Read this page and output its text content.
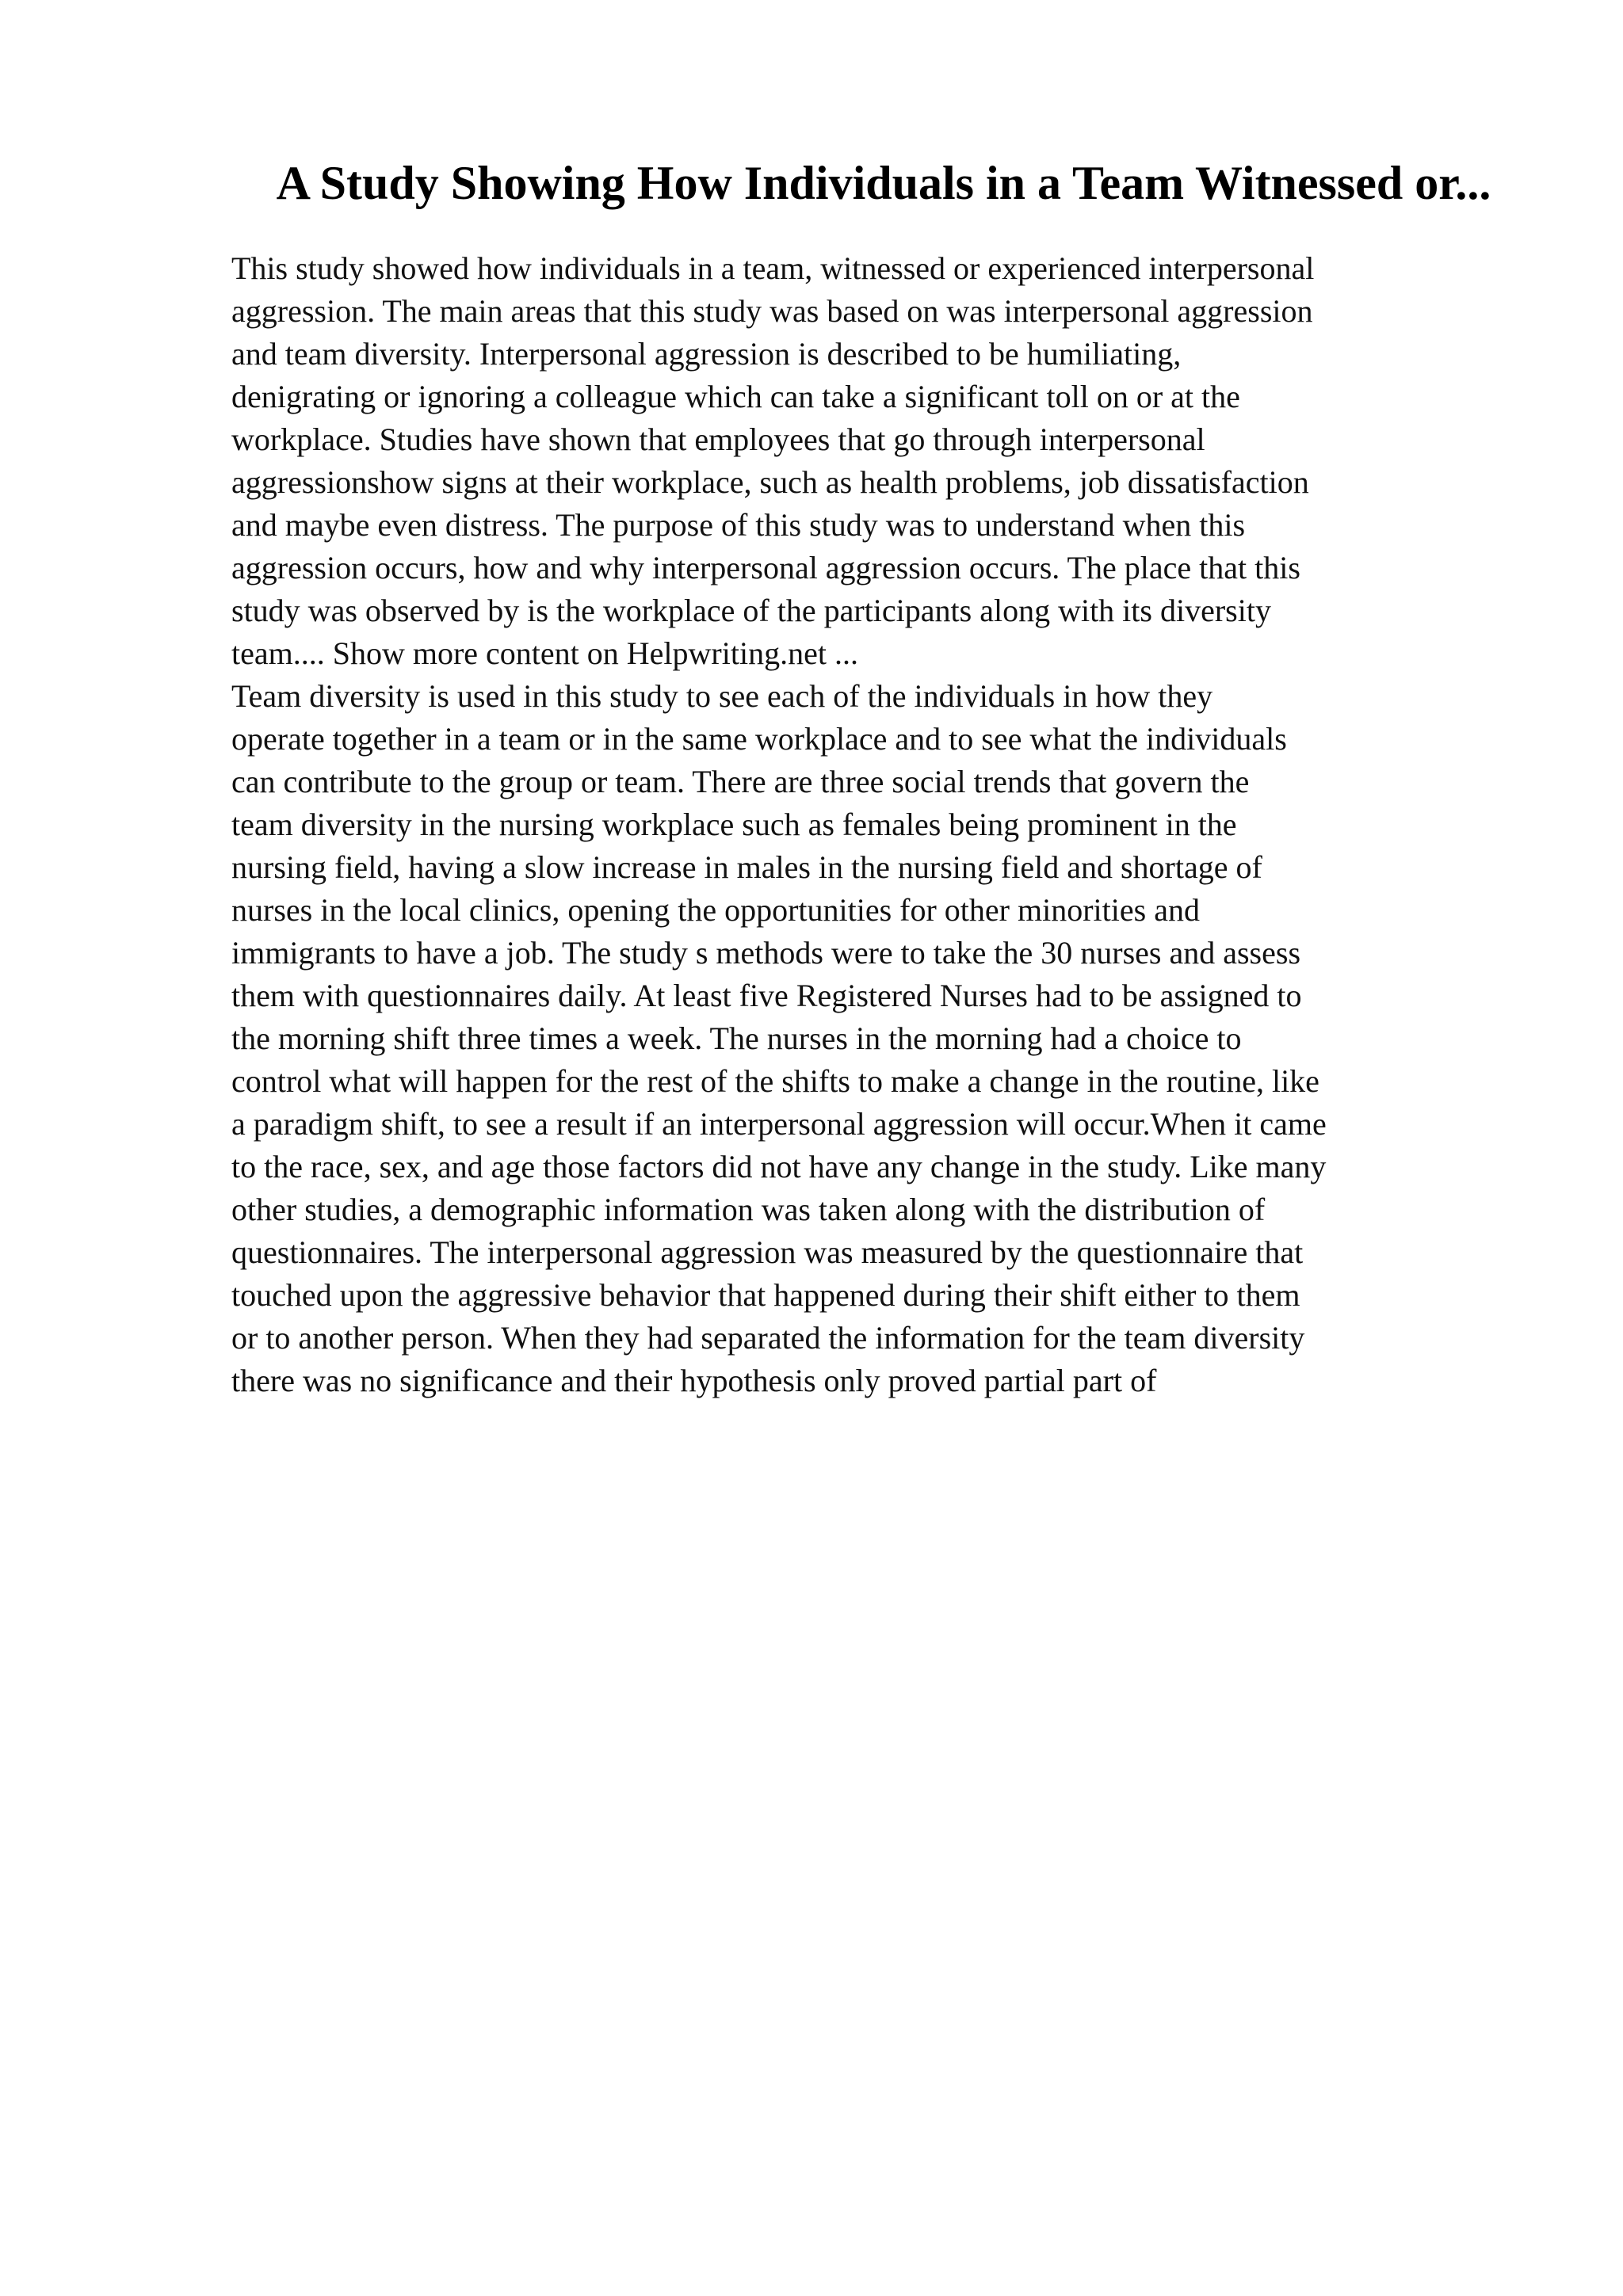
A Study Showing How Individuals in a Team Witnessed or...
This study showed how individuals in a team, witnessed or experienced interpersonal
aggression. The main areas that this study was based on was interpersonal aggression
and team diversity. Interpersonal aggression is described to be humiliating,
denigrating or ignoring a colleague which can take a significant toll on or at the
workplace. Studies have shown that employees that go through interpersonal
aggressionshow signs at their workplace, such as health problems, job dissatisfaction
and maybe even distress. The purpose of this study was to understand when this
aggression occurs, how and why interpersonal aggression occurs. The place that this
study was observed by is the workplace of the participants along with its diversity
team.... Show more content on Helpwriting.net ...
Team diversity is used in this study to see each of the individuals in how they
operate together in a team or in the same workplace and to see what the individuals
can contribute to the group or team. There are three social trends that govern the
team diversity in the nursing workplace such as females being prominent in the
nursing field, having a slow increase in males in the nursing field and shortage of
nurses in the local clinics, opening the opportunities for other minorities and
immigrants to have a job. The study s methods were to take the 30 nurses and assess
them with questionnaires daily. At least five Registered Nurses had to be assigned to
the morning shift three times a week. The nurses in the morning had a choice to
control what will happen for the rest of the shifts to make a change in the routine, like
a paradigm shift, to see a result if an interpersonal aggression will occur.When it came
to the race, sex, and age those factors did not have any change in the study. Like many
other studies, a demographic information was taken along with the distribution of
questionnaires. The interpersonal aggression was measured by the questionnaire that
touched upon the aggressive behavior that happened during their shift either to them
or to another person. When they had separated the information for the team diversity
there was no significance and their hypothesis only proved partial part of
